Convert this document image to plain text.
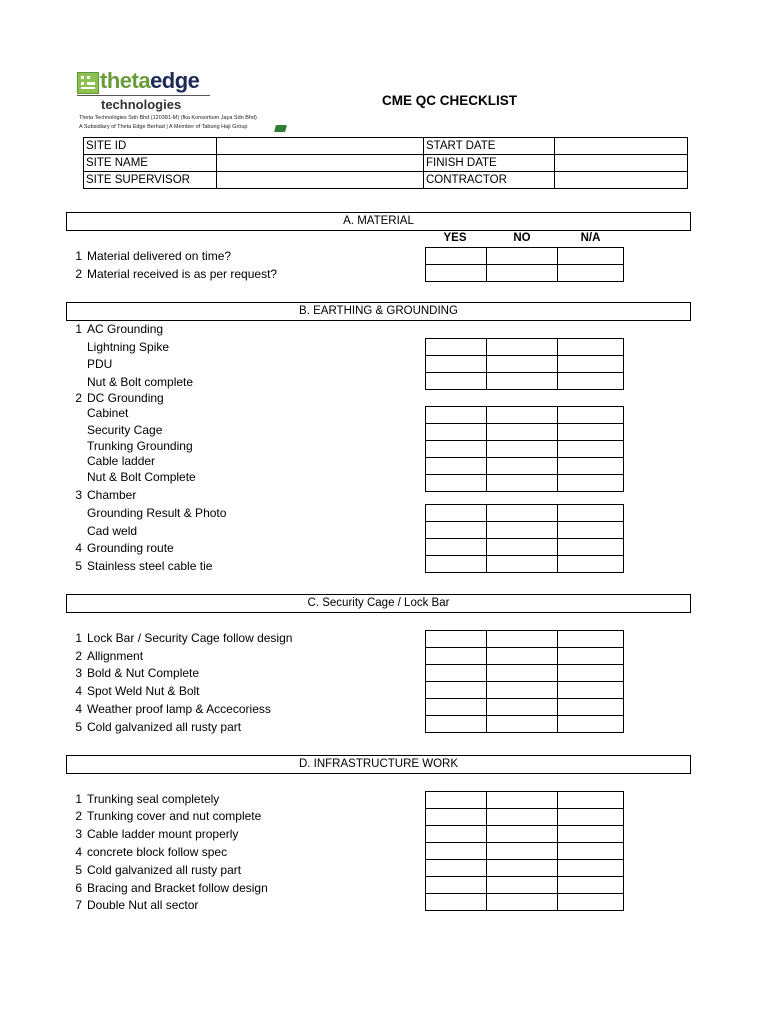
thetaedge
technologies
Theta Technologies Sdn Bhd (120381-M) (fka Konsortium Jaya Sdn Bhd)
A Subsidiary of Theta Edge Berhad | A Member of Tabung Haji Group
CME QC CHECKLIST
SITE ID		START DATE	
SITE NAME		FINISH DATE	
SITE SUPERVISOR		CONTRACTOR	
A. MATERIAL
YES	NO	N/A
1 Material delivered on time?
2 Material received is as per request?

B. EARTHING & GROUNDING
1 AC Grounding
Lightning Spike
PDU
Nut & Bolt complete
2 DC Grounding
Cabinet
Security Cage
Trunking Grounding
Cable ladder
Nut & Bolt Complete
3 Chamber
Grounding Result & Photo
Cad weld
4 Grounding route
5 Stainless steel cable tie

C. Security Cage / Lock Bar
1 Lock Bar / Security Cage follow design
2 Allignment
3 Bold & Nut Complete
4 Spot Weld Nut & Bolt
4 Weather proof lamp & Accecoriess
5 Cold galvanized all rusty part

D. INFRASTRUCTURE WORK
1 Trunking seal completely
2 Trunking cover and nut complete
3 Cable ladder mount properly
4 concrete block follow spec
5 Cold galvanized all rusty part
6 Bracing and Bracket follow design
7 Double Nut all sector
